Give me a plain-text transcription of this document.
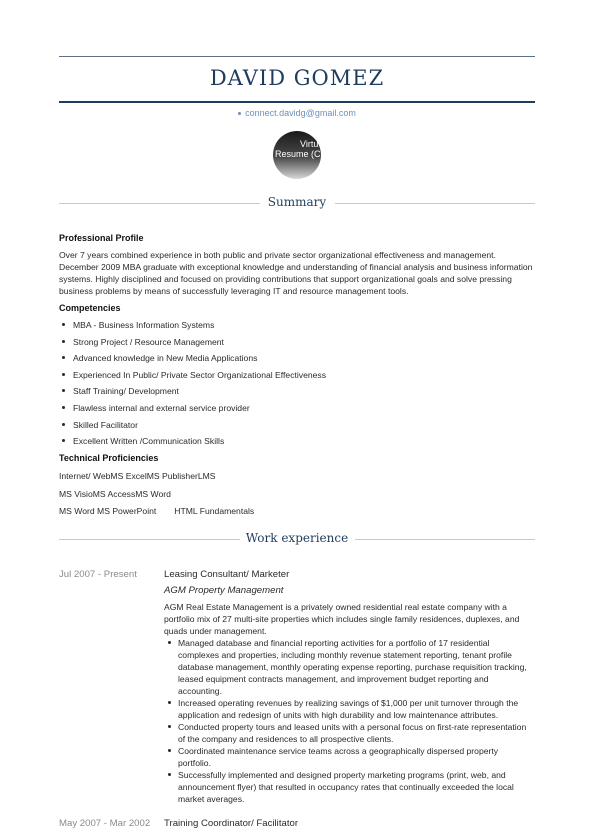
DAVID GOMEZ
connect.davidg@gmail.com
Virtu
Resume (CV
Summary
Professional Profile

Over 7 years combined experience in both public and private sector organizational effectiveness and management. December 2009 MBA graduate with exceptional knowledge and understanding of financial analysis and business information systems. Highly disciplined and focused on providing contributions that support organizational goals and solve pressing business problems by means of successfully leveraging IT and resource management tools.

Competencies
MBA - Business Information Systems
Strong Project / Resource Management
Advanced knowledge in New Media Applications
Experienced In Public/ Private Sector Organizational Effectiveness
Staff Training/ Development
Flawless internal and external service provider
Skilled Facilitator
Excellent Written /Communication Skills
Technical Proficiencies
Internet/ WebMS ExcelMS PublisherLMS
MS VisioMS AccessMS Word
MS Word MS PowerPoint HTML Fundamentals
Work experience
Jul 2007 - Present	Leasing Consultant/ Marketer
AGM Property Management

AGM Real Estate Management is a privately owned residential real estate company with a portfolio mix of 27 multi-site properties which includes single family residences, duplexes, and quads under management.

Managed database and financial reporting activities for a portfolio of 17 residential complexes and properties, including monthly revenue statement reporting, tenant profile database management, monthly operating expense reporting, purchase requisition tracking, leased equipment contracts management, and improvement budget reporting and accounting.
Increased operating revenues by realizing savings of $1,000 per unit turnover through the application and redesign of units with high durability and low maintenance attributes.
Conducted property tours and leased units with a personal focus on first-rate representation of the company and residences to all prospective clients.
Coordinated maintenance service teams across a geographically dispersed property portfolio.
Successfully implemented and designed property marketing programs (print, web, and announcement flyer) that resulted in occupancy rates that continually exceeded the local market averages.
May 2007 - Mar 2002 Training Coordinator/ Facilitator
